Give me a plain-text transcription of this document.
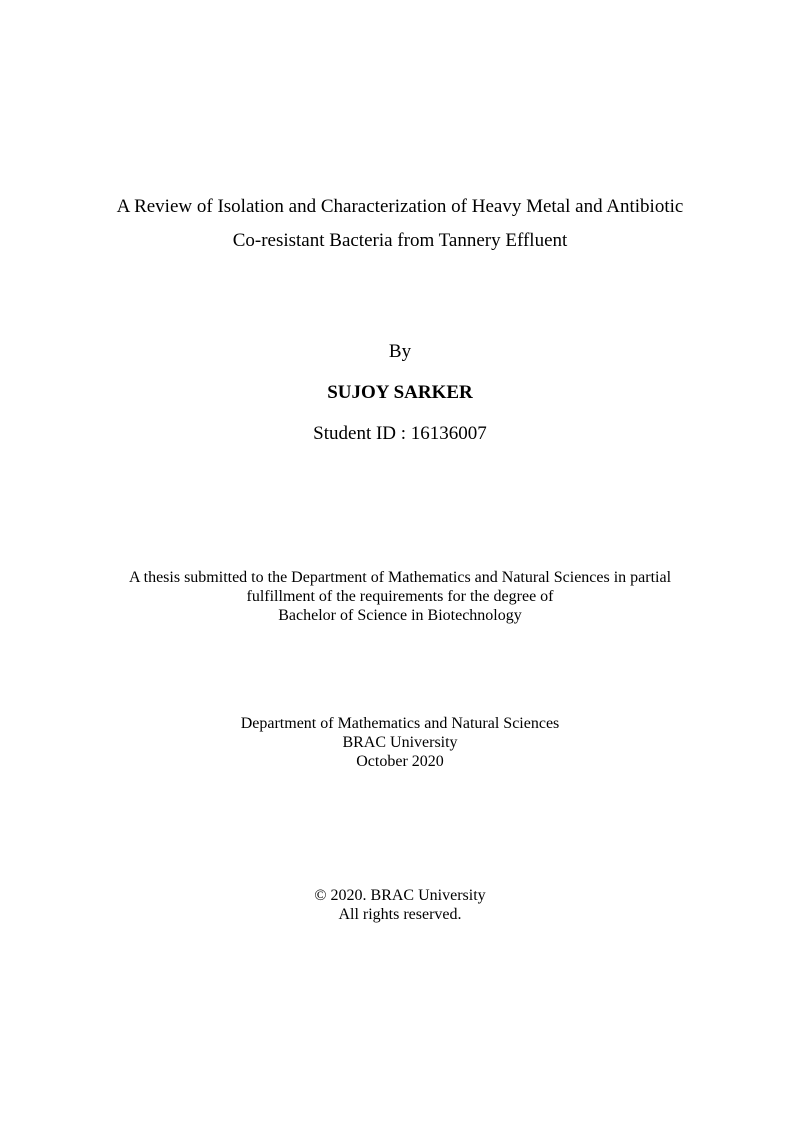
A Review of Isolation and Characterization of Heavy Metal and Antibiotic
Co-resistant Bacteria from Tannery Effluent
By
SUJOY SARKER
Student ID : 16136007
A thesis submitted to the Department of Mathematics and Natural Sciences in partial
fulfillment of the requirements for the degree of
Bachelor of Science in Biotechnology
Department of Mathematics and Natural Sciences
BRAC University
October 2020
© 2020. BRAC University
All rights reserved.
